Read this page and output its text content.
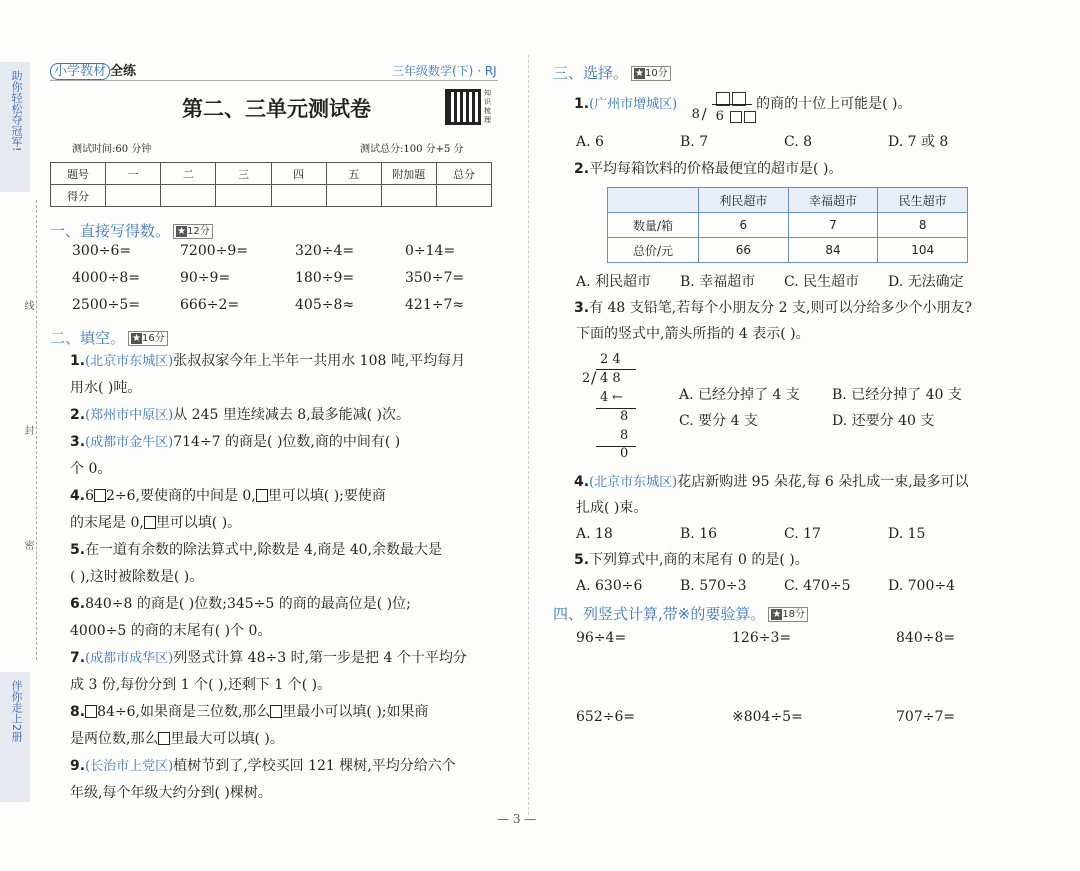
助你轻松夺冠军!
伴你走上2册
线
封
密
小学教材 全练	三年级数学(下) · RJ
第二、三单元测试卷
知识梳理
测试时间:60 分钟	测试总分:100 分+5 分
题号	一	二	三	四	五	附加题	总分
得分							
一、直接写得数。 ★12分
300÷6=	7200÷9=	320÷4=	0÷14=
4000÷8=	90÷9=	180÷9=	350÷7=
2500÷5=	666÷2=	405÷8≈	421÷7≈
二、填空。 ★16分
1.(北京市东城区)张叔叔家今年上半年一共用水 108 吨,平均每月
用水( )吨。
2.(郑州市中原区)从 245 里连续减去 8,最多能减( )次。
3.(成都市金牛区)714÷7 的商是( )位数,商的中间有( )
个 0。
4.6 2÷6,要使商的中间是 0, 里可以填( );要使商
的末尾是 0, 里可以填( )。
5.在一道有余数的除法算式中,除数是 4,商是 40,余数最大是
( ),这时被除数是( )。
6.840÷8 的商是( )位数;345÷5 的商的最高位是( )位;
4000÷5 的商的末尾有( )个 0。
7.(成都市成华区)列竖式计算 48÷3 时,第一步是把 4 个十平均分
成 3 份,每份分到 1 个( ),还剩下 1 个( )。
8. 84÷6,如果商是三位数,那么 里最小可以填( );如果商
是两位数,那么 里最大可以填( )。
9.(长治市上党区)植树节到了,学校买回 121 棵树,平均分给六个
年级,每个年级大约分到( )棵树。
三、选择。 ★10分
1.(广州市增城区)
8 / 6
的商的十位上可能是( )。
A. 6	B. 7	C. 8	D. 7 或 8
2.平均每箱饮料的价格最便宜的超市是( )。
	利民超市	幸福超市	民生超市
数量/箱	6	7	8
总价/元	66	84	104
A. 利民超市	B. 幸福超市	C. 民生超市	D. 无法确定
3.有 48 支铅笔,若每个小朋友分 2 支,则可以分给多少个小朋友?
下面的竖式中,箭头所指的 4 表示( )。
2 4
2 / 4 8
4 ←
8
8
0
A. 已经分掉了 4 支	B. 已经分掉了 40 支
C. 要分 4 支	D. 还要分 40 支
4.(北京市东城区)花店新购进 95 朵花,每 6 朵扎成一束,最多可以
扎成( )束。
A. 18	B. 16	C. 17	D. 15
5.下列算式中,商的末尾有 0 的是( )。
A. 630÷6	B. 570÷3	C. 470÷5	D. 700÷4
四、列竖式计算,带※的要验算。 ★18分
96÷4=	126÷3=	840÷8=
652÷6=	※804÷5=	707÷7=
— 3 —
